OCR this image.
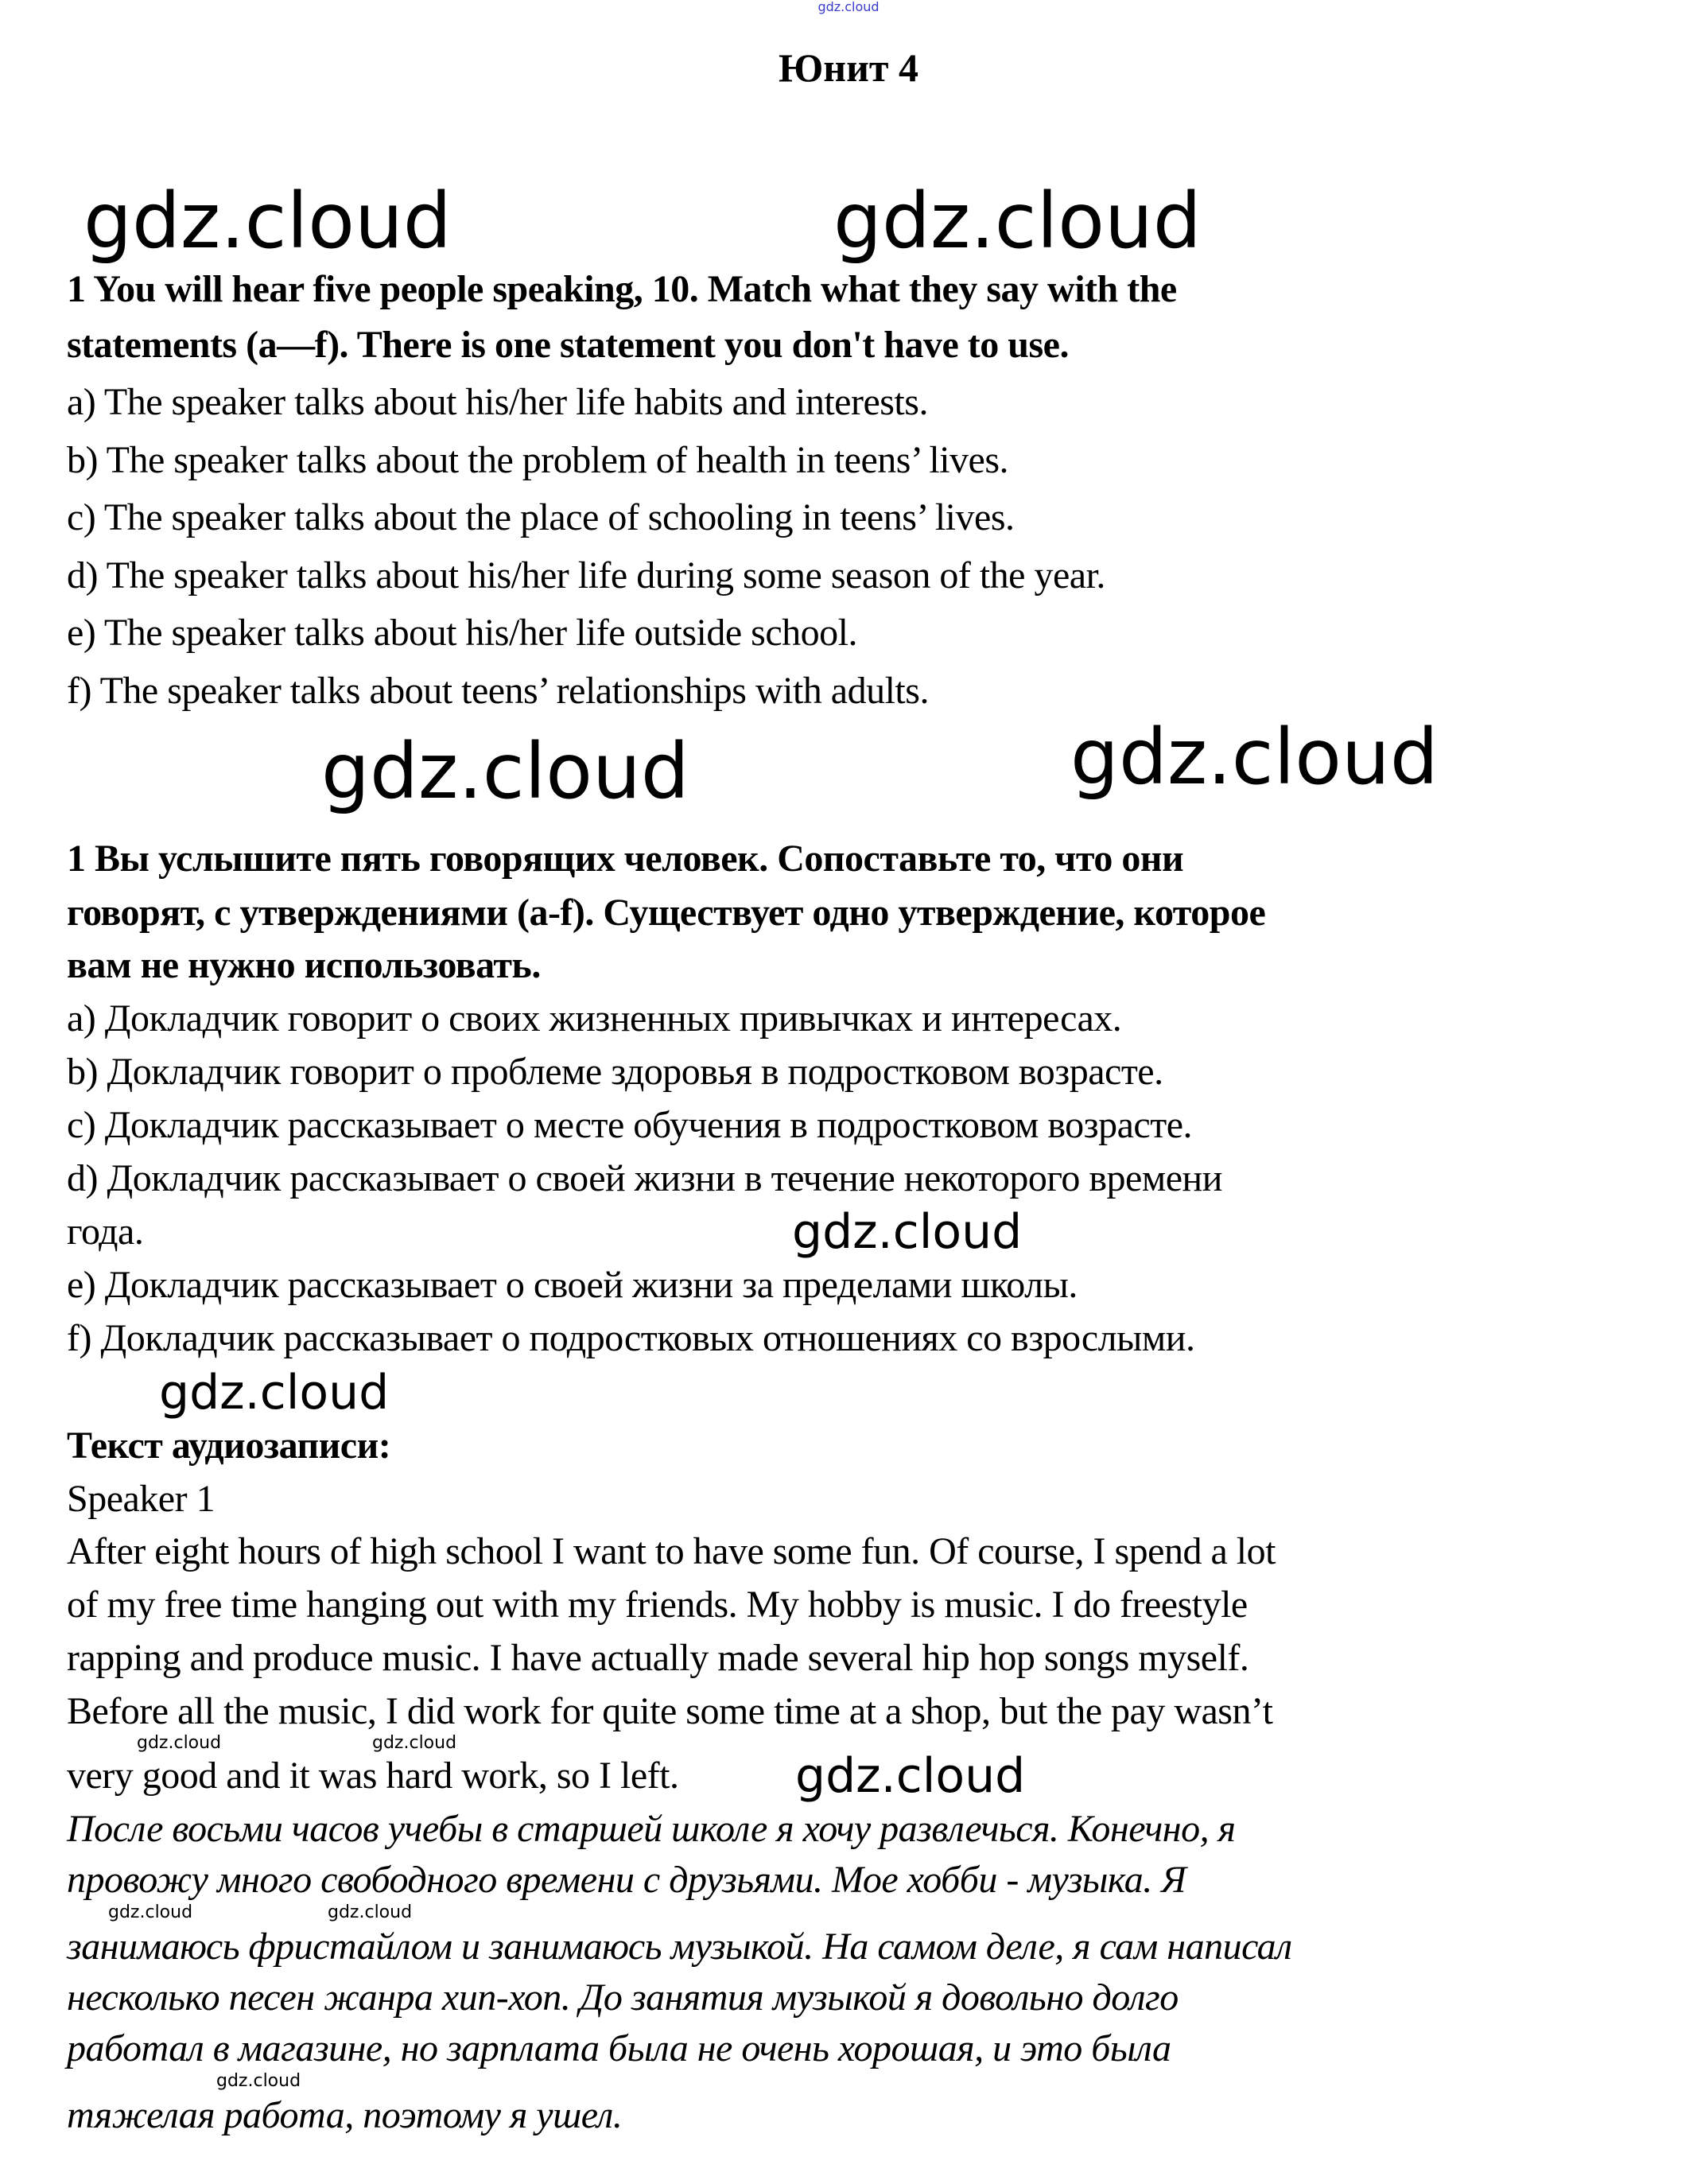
gdz.cloud
Юнит 4
gdz.cloud	gdz.cloud
1 You will hear five people speaking, 10. Match what they say with the
statements (a—f). There is one statement you don't have to use.
a) The speaker talks about his/her life habits and interests.
b) The speaker talks about the problem of health in teens’ lives.
c) The speaker talks about the place of schooling in teens’ lives.
d) The speaker talks about his/her life during some season of the year.
e) The speaker talks about his/her life outside school.
f) The speaker talks about teens’ relationships with adults.
gdz.cloud	gdz.cloud
1 Вы услышите пять говорящих человек. Сопоставьте то, что они
говорят, с утверждениями (a-f). Существует одно утверждение, которое
вам не нужно использовать.
a) Докладчик говорит о своих жизненных привычках и интересах.
b) Докладчик говорит о проблеме здоровья в подростковом возрасте.
c) Докладчик рассказывает о месте обучения в подростковом возрасте.
d) Докладчик рассказывает о своей жизни в течение некоторого времени
года.	gdz.cloud
e) Докладчик рассказывает о своей жизни за пределами школы.
f) Докладчик рассказывает о подростковых отношениях со взрослыми.
gdz.cloud
Текст аудиозаписи:
Speaker 1
After eight hours of high school I want to have some fun. Of course, I spend a lot
of my free time hanging out with my friends. My hobby is music. I do freestyle
rapping and produce music. I have actually made several hip hop songs myself.
Before all the music, I did work for quite some time at a shop, but the pay wasn’t
gdz.cloud	gdz.cloud
very good and it was hard work, so I left. gdz.cloud
После восьми часов учебы в старшей школе я хочу развлечься. Конечно, я
провожу много свободного времени с друзьями. Мое хобби - музыка. Я
gdz.cloud	gdz.cloud
занимаюсь фристайлом и занимаюсь музыкой. На самом деле, я сам написал
несколько песен жанра хип-хоп. До занятия музыкой я довольно долго
работал в магазине, но зарплата была не очень хорошая, и это была
gdz.cloud
тяжелая работа, поэтому я ушел.
